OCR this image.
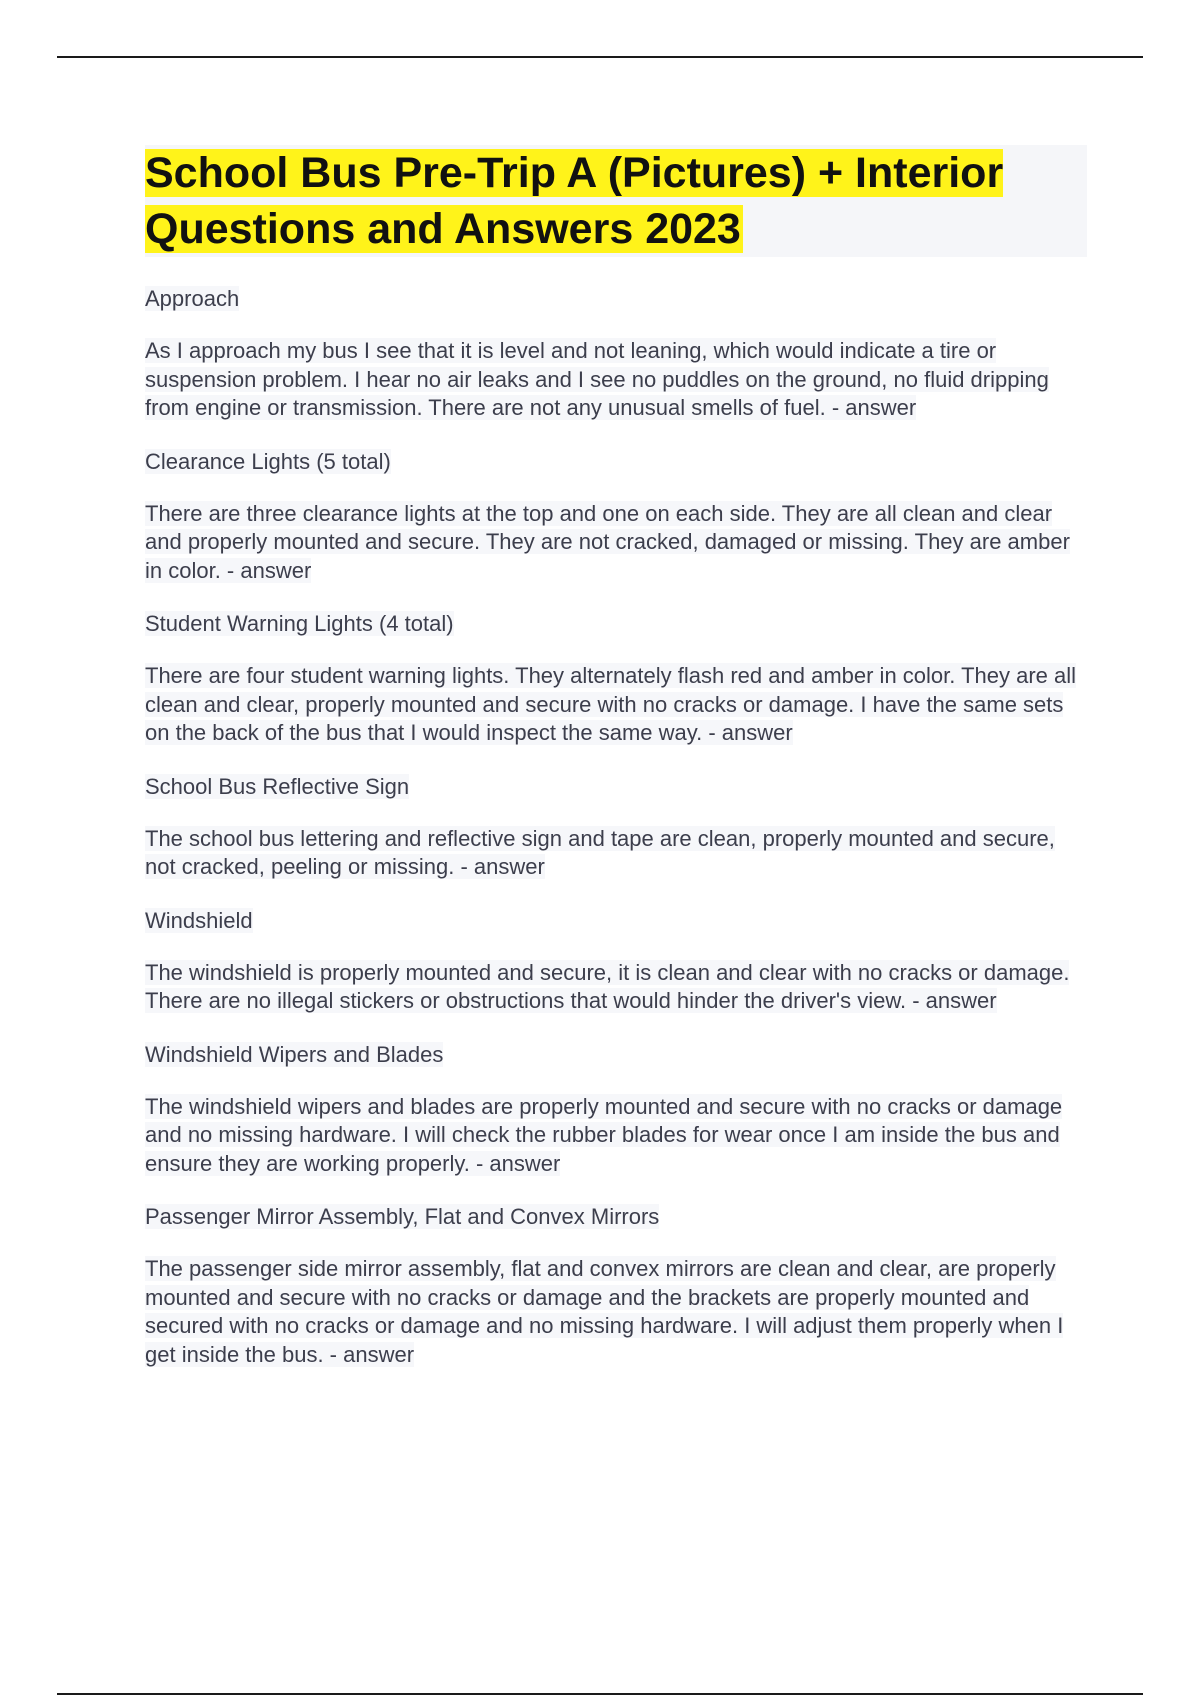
School Bus Pre-Trip A (Pictures) + Interior Questions and Answers 2023

Approach

As I approach my bus I see that it is level and not leaning, which would indicate a tire or suspension problem. I hear no air leaks and I see no puddles on the ground, no fluid dripping from engine or transmission. There are not any unusual smells of fuel. - answer

Clearance Lights (5 total)

There are three clearance lights at the top and one on each side. They are all clean and clear and properly mounted and secure. They are not cracked, damaged or missing. They are amber in color. - answer

Student Warning Lights (4 total)

There are four student warning lights. They alternately flash red and amber in color. They are all clean and clear, properly mounted and secure with no cracks or damage. I have the same sets on the back of the bus that I would inspect the same way. - answer

School Bus Reflective Sign

The school bus lettering and reflective sign and tape are clean, properly mounted and secure, not cracked, peeling or missing. - answer

Windshield

The windshield is properly mounted and secure, it is clean and clear with no cracks or damage. There are no illegal stickers or obstructions that would hinder the driver's view. - answer

Windshield Wipers and Blades

The windshield wipers and blades are properly mounted and secure with no cracks or damage and no missing hardware. I will check the rubber blades for wear once I am inside the bus and ensure they are working properly. - answer

Passenger Mirror Assembly, Flat and Convex Mirrors

The passenger side mirror assembly, flat and convex mirrors are clean and clear, are properly mounted and secure with no cracks or damage and the brackets are properly mounted and secured with no cracks or damage and no missing hardware. I will adjust them properly when I get inside the bus. - answer
